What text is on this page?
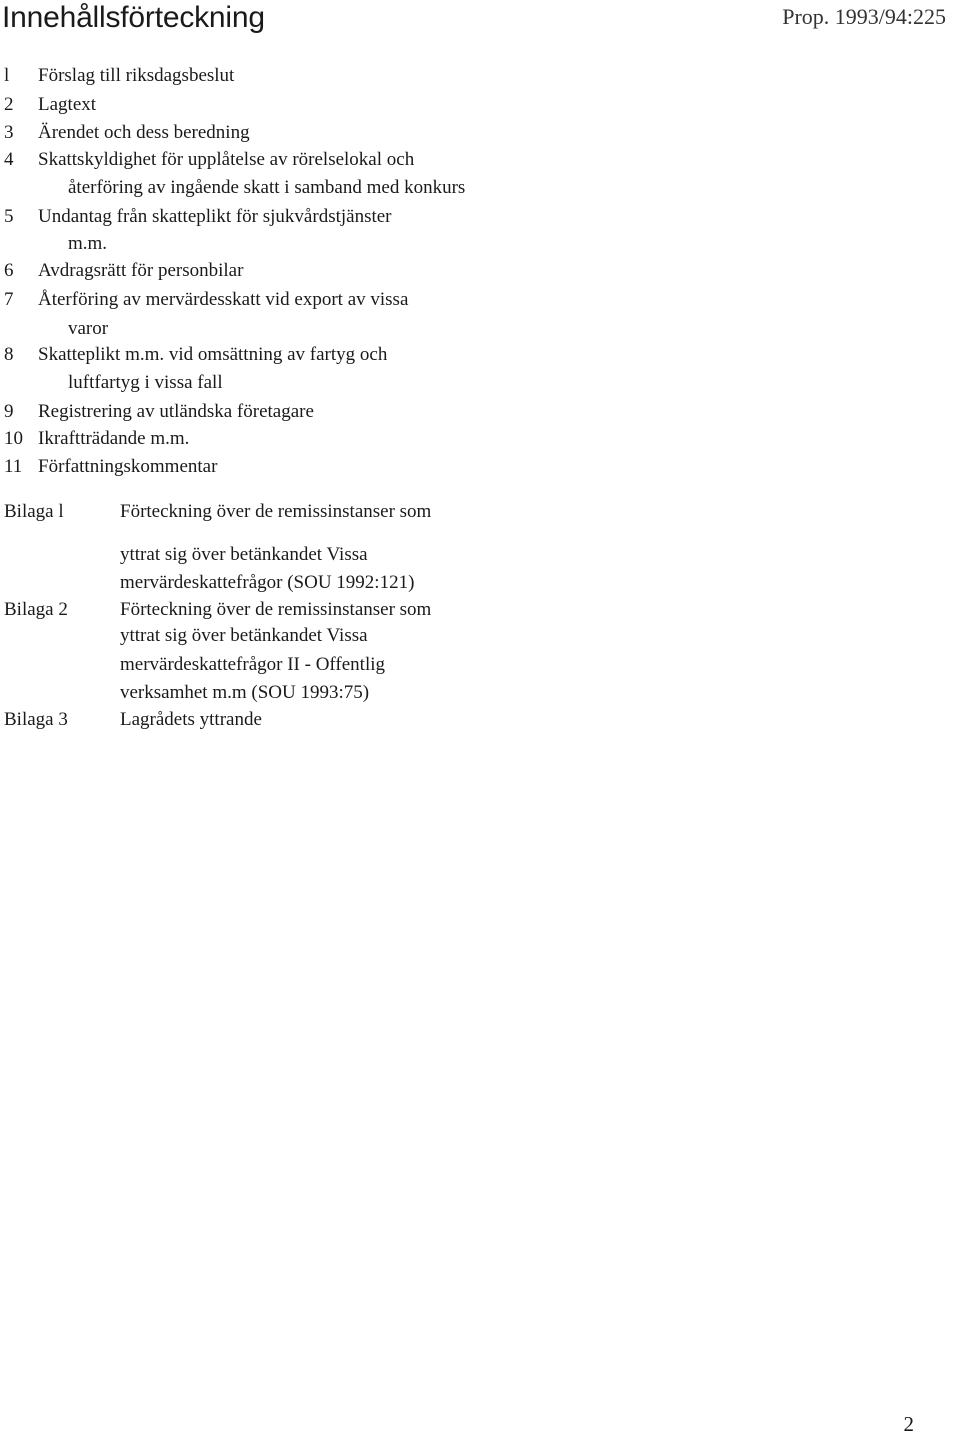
Innehållsförteckning	Prop. 1993/94:225
l Förslag till riksdagsbeslut
2 Lagtext
3 Ärendet och dess beredning
4 Skattskyldighet för upplåtelse av rörelselokal och
återföring av ingående skatt i samband med konkurs
5 Undantag från skatteplikt för sjukvårdstjänster
m.m.
6 Avdragsrätt för personbilar
7 Återföring av mervärdesskatt vid export av vissa
varor
8 Skatteplikt m.m. vid omsättning av fartyg och
luftfartyg i vissa fall
9 Registrering av utländska företagare
10 Ikraftträdande m.m.
11 Författningskommentar
Bilaga l	Förteckning över de remissinstanser som
yttrat sig över betänkandet Vissa
mervärdeskattefrågor (SOU 1992:121)
Bilaga 2	Förteckning över de remissinstanser som
yttrat sig över betänkandet Vissa
mervärdeskattefrågor II - Offentlig
verksamhet m.m (SOU 1993:75)
Bilaga 3	Lagrådets yttrande
2
